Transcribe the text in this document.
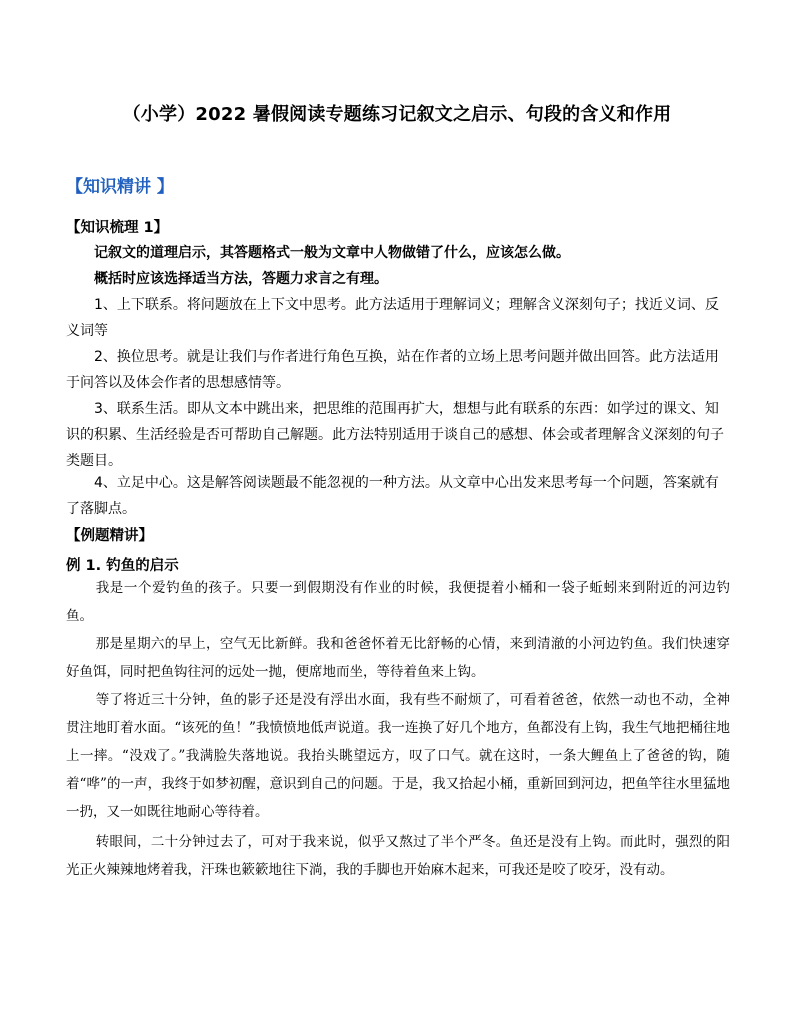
（小学）2022 暑假阅读专题练习记叙文之启示、句段的含义和作用
【知识精讲 】
【知识梳理 1】

记叙文的道理启示，其答题格式一般为文章中人物做错了什么，应该怎么做。

概括时应该选择适当方法，答题力求言之有理。

1、上下联系。将问题放在上下文中思考。此方法适用于理解词义；理解含义深刻句子；找近义词、反义词等

2、换位思考。就是让我们与作者进行角色互换，站在作者的立场上思考问题并做出回答。此方法适用于问答以及体会作者的思想感情等。

3、联系生活。即从文本中跳出来，把思维的范围再扩大，想想与此有联系的东西：如学过的课文、知识的积累、生活经验是否可帮助自己解题。此方法特别适用于谈自己的感想、体会或者理解含义深刻的句子类题目。

4、立足中心。这是解答阅读题最不能忽视的一种方法。从文章中心出发来思考每一个问题，答案就有了落脚点。

【例题精讲】
例 1. 钓鱼的启示

我是一个爱钓鱼的孩子。只要一到假期没有作业的时候，我便提着小桶和一袋子蚯蚓来到附近的河边钓鱼。

那是星期六的早上，空气无比新鲜。我和爸爸怀着无比舒畅的心情，来到清澈的小河边钓鱼。我们快速穿好鱼饵，同时把鱼钩往河的远处一抛，便席地而坐，等待着鱼来上钩。

等了将近三十分钟，鱼的影子还是没有浮出水面，我有些不耐烦了，可看着爸爸，依然一动也不动，全神贯注地盯着水面。“该死的鱼！”我愤愤地低声说道。我一连换了好几个地方，鱼都没有上钩，我生气地把桶往地上一摔。“没戏了。”我满脸失落地说。我抬头眺望远方，叹了口气。就在这时，一条大鲤鱼上了爸爸的钩，随着“哗”的一声，我终于如梦初醒，意识到自己的问题。于是，我又拾起小桶，重新回到河边，把鱼竿往水里猛地一扔，又一如既往地耐心等待着。

转眼间，二十分钟过去了，可对于我来说，似乎又熬过了半个严冬。鱼还是没有上钩。而此时，强烈的阳光正火辣辣地烤着我，汗珠也簌簌地往下淌，我的手脚也开始麻木起来，可我还是咬了咬牙，没有动。
